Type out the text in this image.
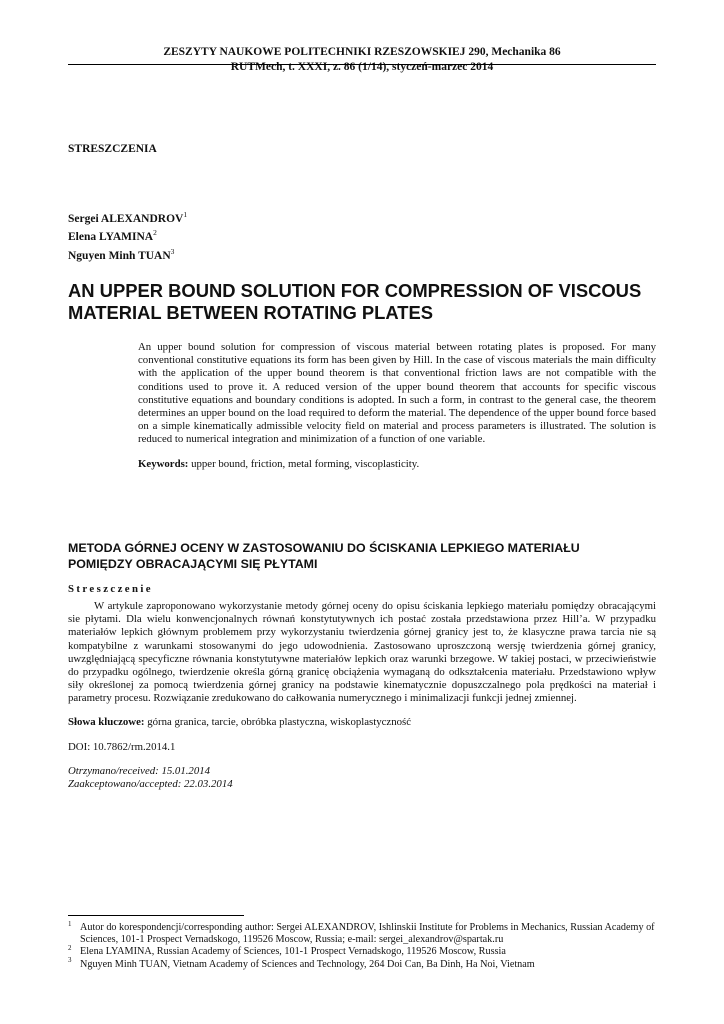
ZESZYTY NAUKOWE POLITECHNIKI RZESZOWSKIEJ 290, Mechanika 86
RUTMech, t. XXXI, z. 86 (1/14), styczeń-marzec 2014
STRESZCZENIA
Sergei ALEXANDROV$^1$
Elena LYAMINA$^2$
Nguyen Minh TUAN$^3$
AN UPPER BOUND SOLUTION FOR COMPRESSION OF VISCOUS
MATERIAL BETWEEN ROTATING PLATES
An upper bound solution for compression of viscous material between rotating plates is proposed. For many conventional constitutive equations its form has been given by Hill. In the case of viscous materials the main difficulty with the application of the upper bound theorem is that conventional friction laws are not compatible with the conditions used to prove it. A reduced version of the upper bound theorem that accounts for specific viscous constitutive equations and boundary conditions is adopted. In such a form, in contrast to the general case, the theorem determines an upper bound on the load required to deform the material. The dependence of the upper bound force based on a simple kinematically admissible velocity field on material and process parameters is illustrated. The solution is reduced to numerical integration and minimization of a function of one variable.
Keywords: upper bound, friction, metal forming, viscoplasticity.
METODA GÓRNEJ OCENY W ZASTOSOWANIU DO ŚCISKANIA LEPKIEGO MATERIAŁU
POMIĘDZY OBRACAJĄCYMI SIĘ PŁYTAMI
Streszczenie
W artykule zaproponowano wykorzystanie metody górnej oceny do opisu ściskania lepkiego materiału pomiędzy obracającymi sie płytami. Dla wielu konwencjonalnych równań konstytutywnych ich postać została przedstawiona przez Hill’a. W przypadku materiałów lepkich głównym problemem przy wykorzystaniu twierdzenia górnej granicy jest to, że klasyczne prawa tarcia nie są kompatybilne z warunkami stosowanymi do jego udowodnienia. Zastosowano uproszczoną wersję twierdzenia górnej granicy, uwzględniającą specyficzne równania konstytutywne materiałów lepkich oraz warunki brzegowe. W takiej postaci, w przeciwieństwie do przypadku ogólnego, twierdzenie określa górną granicę obciążenia wymaganą do odkształcenia materiału. Przedstawiono wpływ siły określonej za pomocą twierdzenia górnej granicy na podstawie kinematycznie dopuszczalnego pola prędkości na materiał i parametry procesu. Rozwiązanie zredukowano do całkowania numerycznego i minimalizacji funkcji jednej zmiennej.
Słowa kluczowe: górna granica, tarcie, obróbka plastyczna, wiskoplastyczność
DOI: 10.7862/rm.2014.1
Otrzymano/received: 15.01.2014
Zaakceptowano/accepted: 22.03.2014
$^1$ Autor do korespondencji/corresponding author: Sergei ALEXANDROV, Ishlinskii Institute for Problems in Mechanics, Russian Academy of Sciences, 101-1 Prospect Vernadskogo, 119526 Moscow, Russia; e-mail: sergei_alexandrov@spartak.ru
$^2$ Elena LYAMINA, Russian Academy of Sciences, 101-1 Prospect Vernadskogo, 119526 Moscow, Russia
$^3$ Nguyen Minh TUAN, Vietnam Academy of Sciences and Technology, 264 Doi Can, Ba Dinh, Ha Noi, Vietnam
